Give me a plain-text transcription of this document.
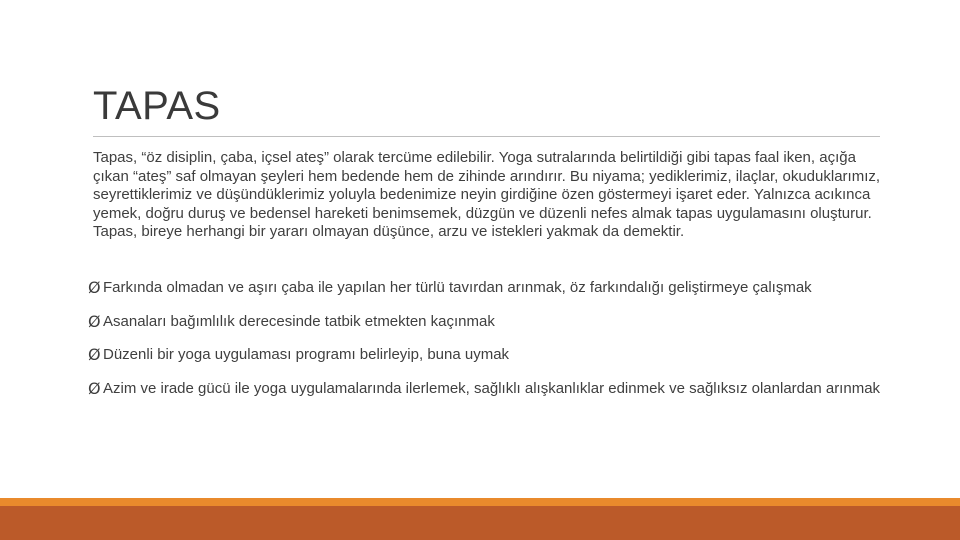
TAPAS

Tapas, “öz disiplin, çaba, içsel ateş” olarak tercüme edilebilir. Yoga sutralarında belirtildiği gibi tapas faal iken, açığa çıkan “ateş” saf olmayan şeyleri hem bedende hem de zihinde arındırır. Bu niyama; yediklerimiz, ilaçlar, okuduklarımız, seyrettiklerimiz ve düşündüklerimiz yoluyla bedenimize neyin girdiğine özen göstermeyi işaret eder. Yalnızca acıkınca yemek, doğru duruş ve bedensel hareketi benimsemek, düzgün ve düzenli nefes almak tapas uygulamasını oluşturur. Tapas, bireye herhangi bir yararı olmayan düşünce, arzu ve istekleri yakmak da demektir.

Ø Farkında olmadan ve aşırı çaba ile yapılan her türlü tavırdan arınmak, öz farkındalığı geliştirmeye çalışmak
Ø Asanaları bağımlılık derecesinde tatbik etmekten kaçınmak
Ø Düzenli bir yoga uygulaması programı belirleyip, buna uymak
Ø Azim ve irade gücü ile yoga uygulamalarında ilerlemek, sağlıklı alışkanlıklar edinmek ve sağlıksız olanlardan arınmak
